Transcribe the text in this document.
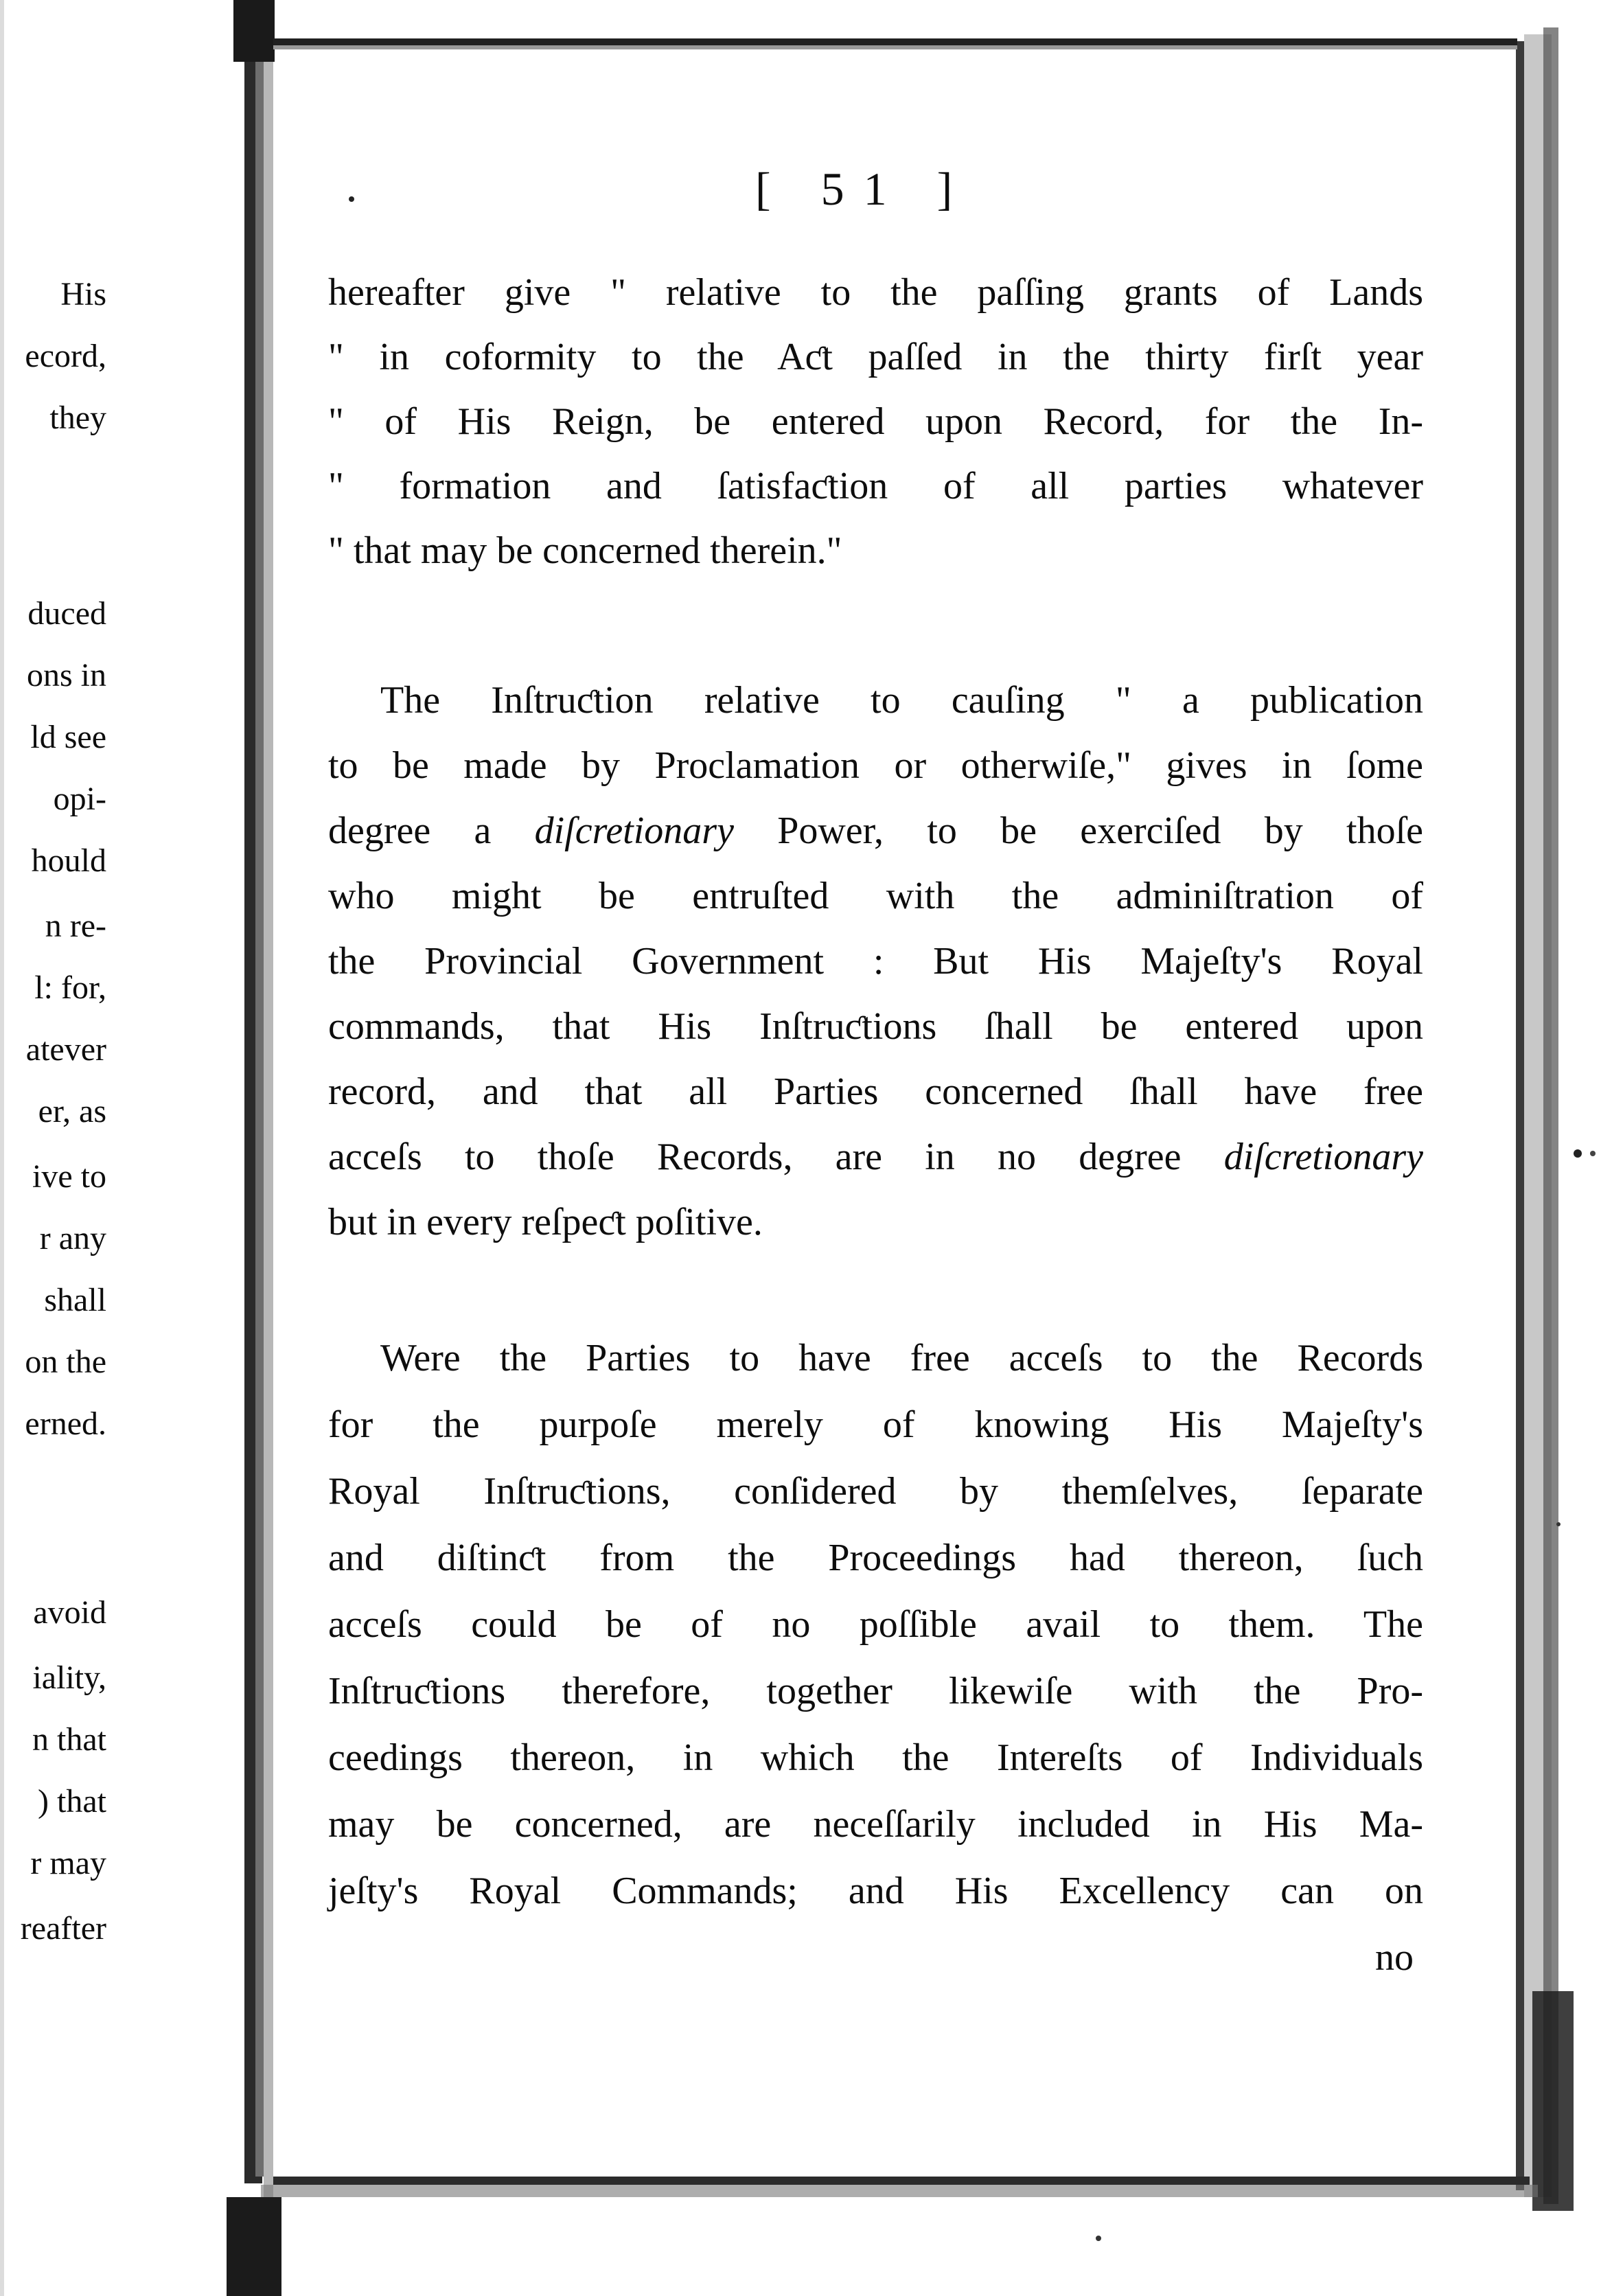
His
ecord,
they
duced
ons in
ld see
opi-
hould
n re-
l: for,
atever
er, as
ive to
r any
shall
on the
erned.
avoid
iality,
n that
) that
r may
reafter
[ 51 ]
hereafter give " relative to the paſſing grants of Lands
" in coformity to the Aƈt paſſed in the thirty firſt year
" of His Reign, be entered upon Record, for the In-
" formation and ſatisfaƈtion of all parties whatever
" that may be concerned therein."
The Inſtruƈtion relative to cauſing " a publication
to be made by Proclamation or otherwiſe," gives in ſome
degree a diſcretionary Power, to be exerciſed by thoſe
who might be entruſted with the adminiſtration of
the Provincial Government : But His Majeſty's Royal
commands, that His Inſtruƈtions ſhall be entered upon
record, and that all Parties concerned ſhall have free
acceſs to thoſe Records, are in no degree diſcretionary
but in every reſpeƈt poſitive.
Were the Parties to have free acceſs to the Records
for the purpoſe merely of knowing His Majeſty's
Royal Inſtruƈtions, conſidered by themſelves, ſeparate
and diſtinƈt from the Proceedings had thereon, ſuch
acceſs could be of no poſſible avail to them. The
Inſtruƈtions therefore, together likewiſe with the Pro-
ceedings thereon, in which the Intereſts of Individuals
may be concerned, are neceſſarily included in His Ma-
jeſty's Royal Commands; and His Excellency can on
no
